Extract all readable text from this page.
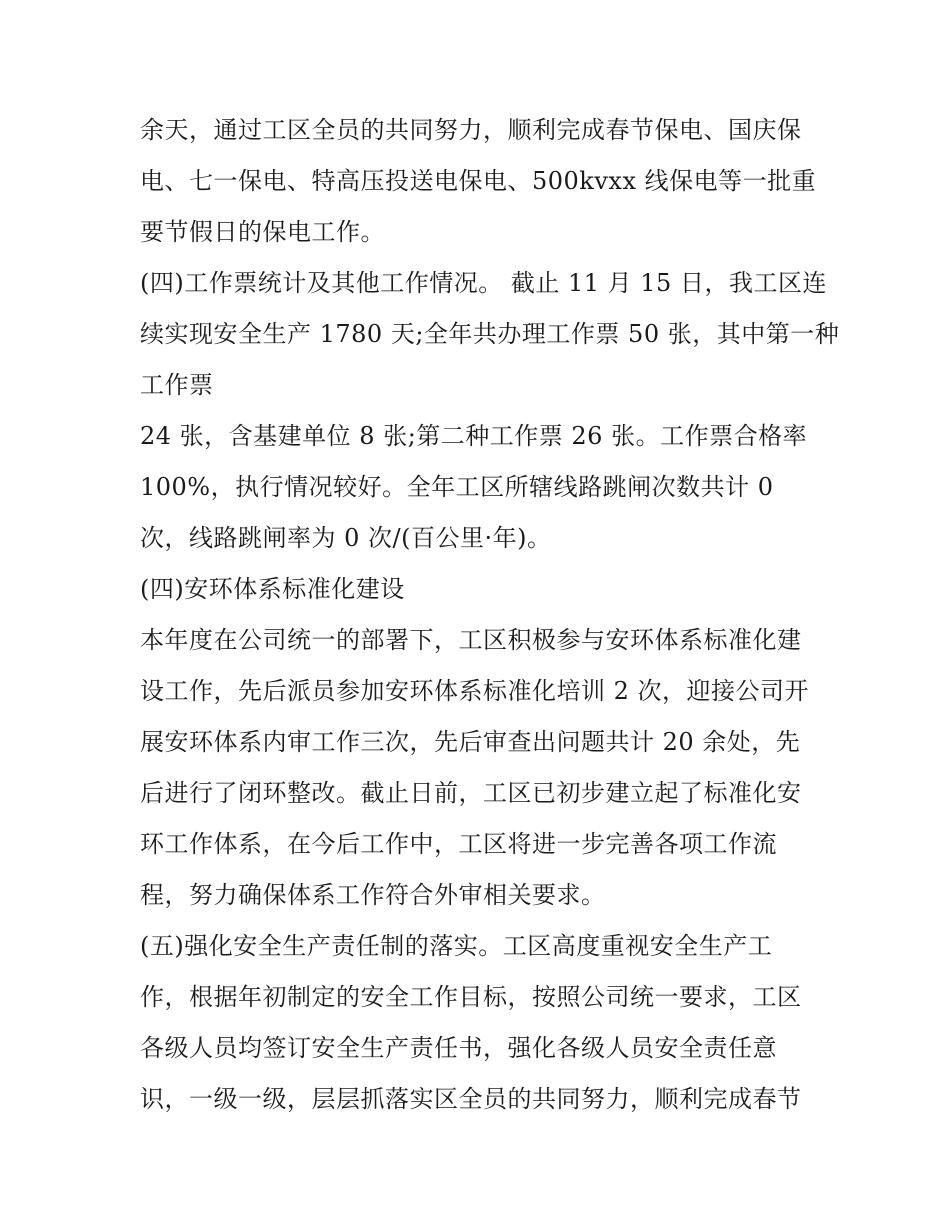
余天，通过工区全员的共同努力，顺利完成春节保电、国庆保
电、七一保电、特高压投送电保电、500kvxx 线保电等一批重
要节假日的保电工作。
(四)工作票统计及其他工作情况。 截止 11 月 15 日，我工区连
续实现安全生产 1780 天;全年共办理工作票 50 张，其中第一种
工作票
24 张，含基建单位 8 张;第二种工作票 26 张。工作票合格率
100%，执行情况较好。全年工区所辖线路跳闸次数共计 0
次，线路跳闸率为 0 次/(百公里·年)。
(四)安环体系标准化建设
本年度在公司统一的部署下，工区积极参与安环体系标准化建
设工作，先后派员参加安环体系标准化培训 2 次，迎接公司开
展安环体系内审工作三次，先后审查出问题共计 20 余处，先
后进行了闭环整改。截止日前，工区已初步建立起了标准化安
环工作体系，在今后工作中，工区将进一步完善各项工作流
程，努力确保体系工作符合外审相关要求。
(五)强化安全生产责任制的落实。工区高度重视安全生产工
作，根据年初制定的安全工作目标，按照公司统一要求，工区
各级人员均签订安全生产责任书，强化各级人员安全责任意
识，一级一级，层层抓落实区全员的共同努力，顺利完成春节
